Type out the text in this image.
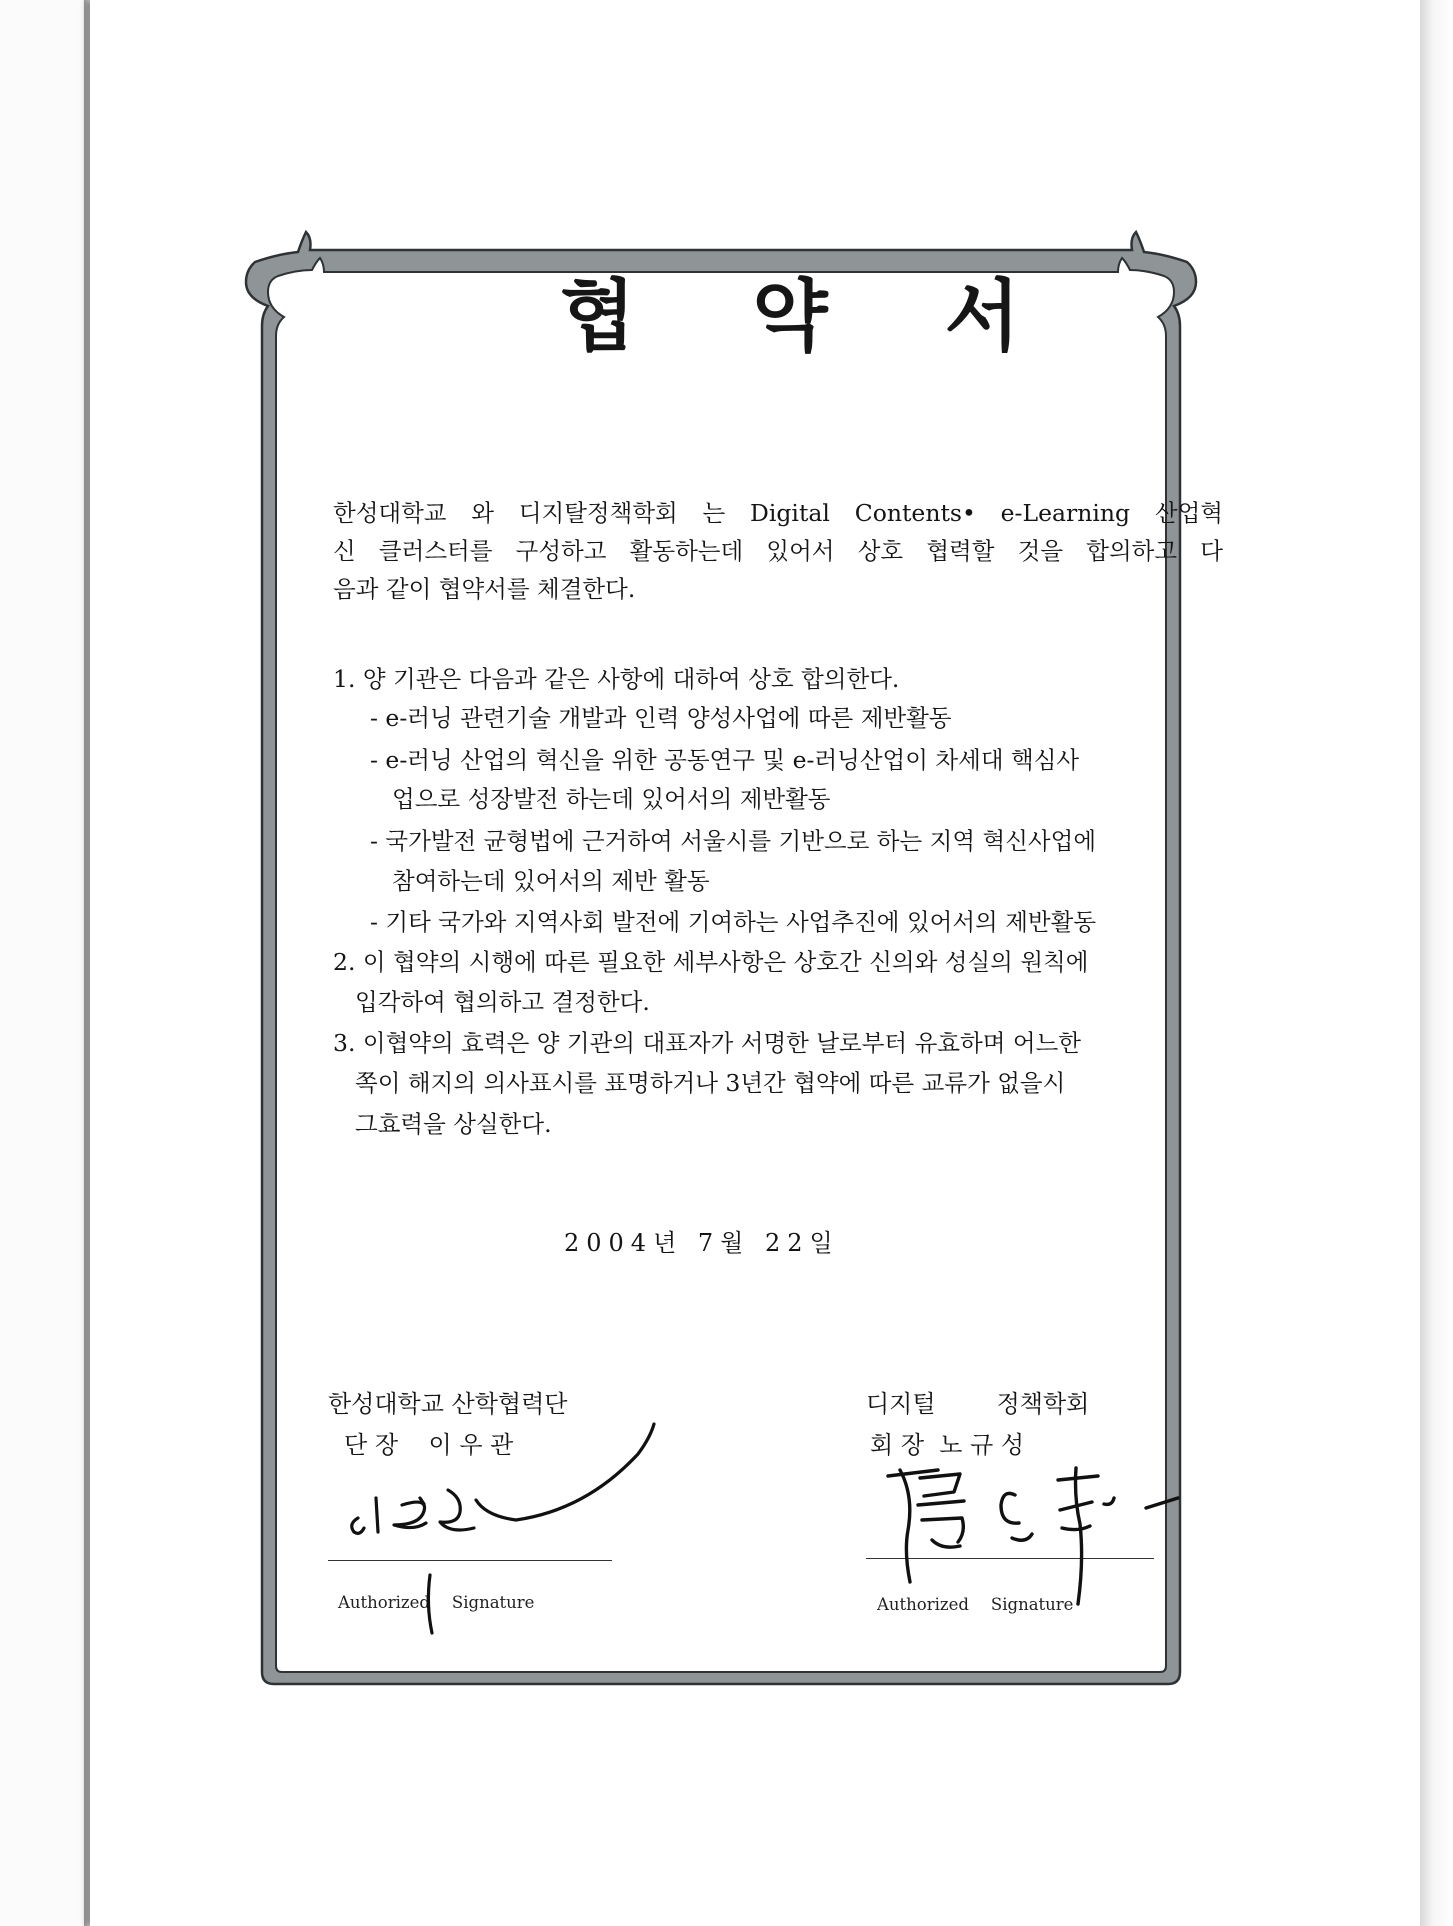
협 약 서
한성대학교 와 디지탈정책학회 는 Digital Contents• e-Learning 산업혁
신 클러스터를 구성하고 활동하는데 있어서 상호 협력할 것을 합의하고 다
음과 같이 협약서를 체결한다.
1. 양 기관은 다음과 같은 사항에 대하여 상호 합의한다.
- e-러닝 관련기술 개발과 인력 양성사업에 따른 제반활동
- e-러닝 산업의 혁신을 위한 공동연구 및 e-러닝산업이 차세대 핵심사
업으로 성장발전 하는데 있어서의 제반활동
- 국가발전 균형법에 근거하여 서울시를 기반으로 하는 지역 혁신사업에
참여하는데 있어서의 제반 활동
- 기타 국가와 지역사회 발전에 기여하는 사업추진에 있어서의 제반활동
2. 이 협약의 시행에 따른 필요한 세부사항은 상호간 신의와 성실의 원칙에
입각하여 협의하고 결정한다.
3. 이협약의 효력은 양 기관의 대표자가 서명한 날로부터 유효하며 어느한
쪽이 해지의 의사표시를 표명하거나 3년간 협약에 따른 교류가 없을시
그효력을 상실한다.
2004년 7월 22일
한성대학교 산학협력단
단 장    이 우 관
Authorized Signature
디지털        정책학회
회 장  노 규 성
Authorized Signature
